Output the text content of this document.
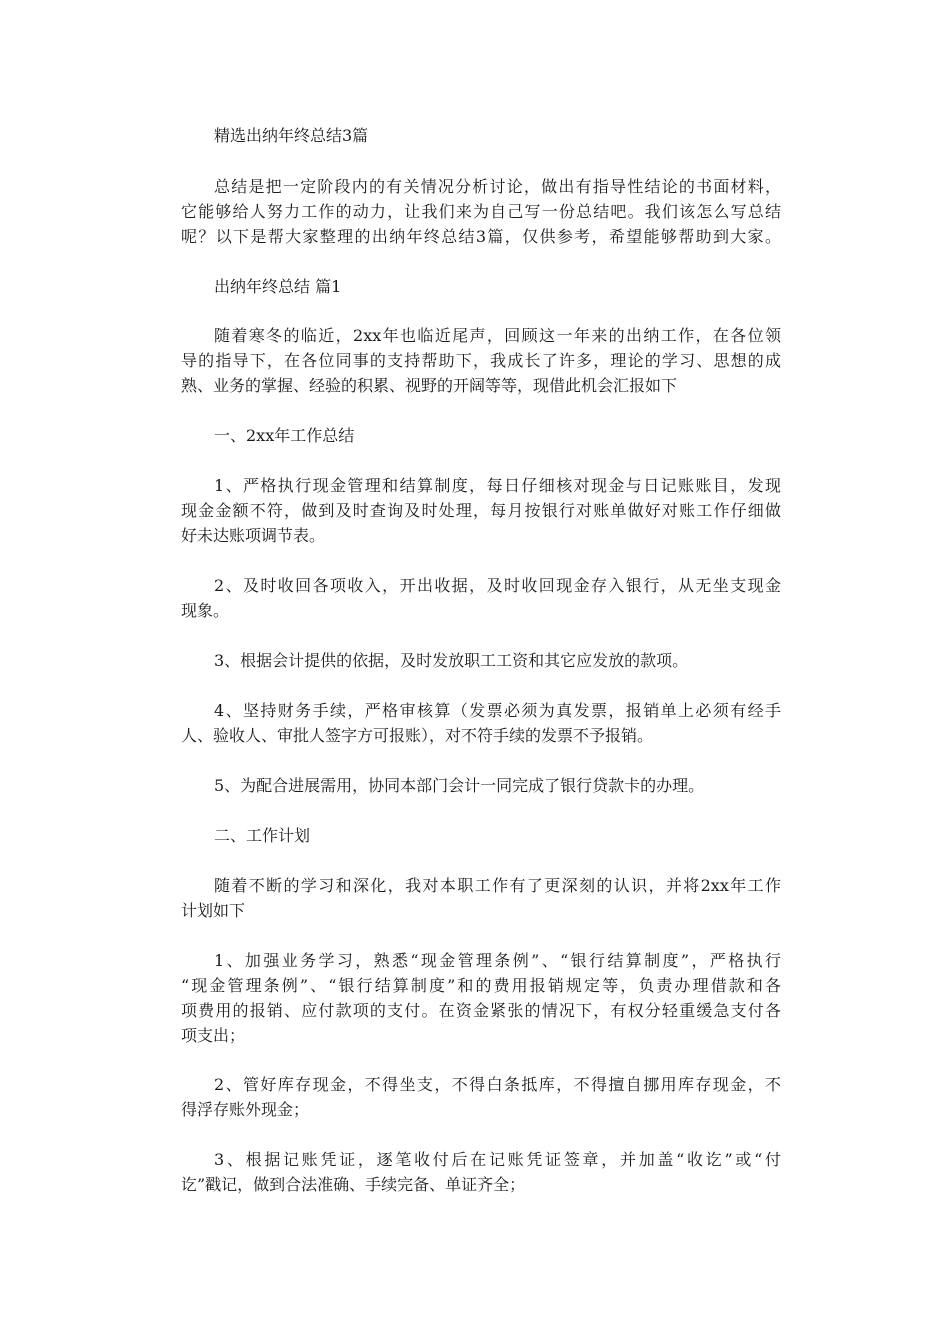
精选出纳年终总结3篇
总结是把一定阶段内的有关情况分析讨论，做出有指导性结论的书面材料，
它能够给人努力工作的动力，让我们来为自己写一份总结吧。我们该怎么写总结
呢？以下是帮大家整理的出纳年终总结3篇，仅供参考，希望能够帮助到大家。
出纳年终总结 篇1
随着寒冬的临近，2xx年也临近尾声，回顾这一年来的出纳工作，在各位领
导的指导下，在各位同事的支持帮助下，我成长了许多，理论的学习、思想的成
熟、业务的掌握、经验的积累、视野的开阔等等，现借此机会汇报如下
一、2xx年工作总结
1、严格执行现金管理和结算制度，每日仔细核对现金与日记账账目，发现
现金金额不符，做到及时查询及时处理，每月按银行对账单做好对账工作仔细做
好未达账项调节表。
2、及时收回各项收入，开出收据，及时收回现金存入银行，从无坐支现金
现象。
3、根据会计提供的依据，及时发放职工工资和其它应发放的款项。
4、坚持财务手续，严格审核算（发票必须为真发票，报销单上必须有经手
人、验收人、审批人签字方可报账），对不符手续的发票不予报销。
5、为配合进展需用，协同本部门会计一同完成了银行贷款卡的办理。
二、工作计划
随着不断的学习和深化，我对本职工作有了更深刻的认识，并将2xx年工作
计划如下
1、加强业务学习，熟悉“现金管理条例”、“银行结算制度”，严格执行
“现金管理条例”、“银行结算制度”和的费用报销规定等，负责办理借款和各
项费用的报销、应付款项的支付。在资金紧张的情况下，有权分轻重缓急支付各
项支出；
2、管好库存现金，不得坐支，不得白条抵库，不得擅自挪用库存现金，不
得浮存账外现金；
3、根据记账凭证，逐笔收付后在记账凭证签章，并加盖“收讫”或“付
讫”戳记，做到合法准确、手续完备、单证齐全；
